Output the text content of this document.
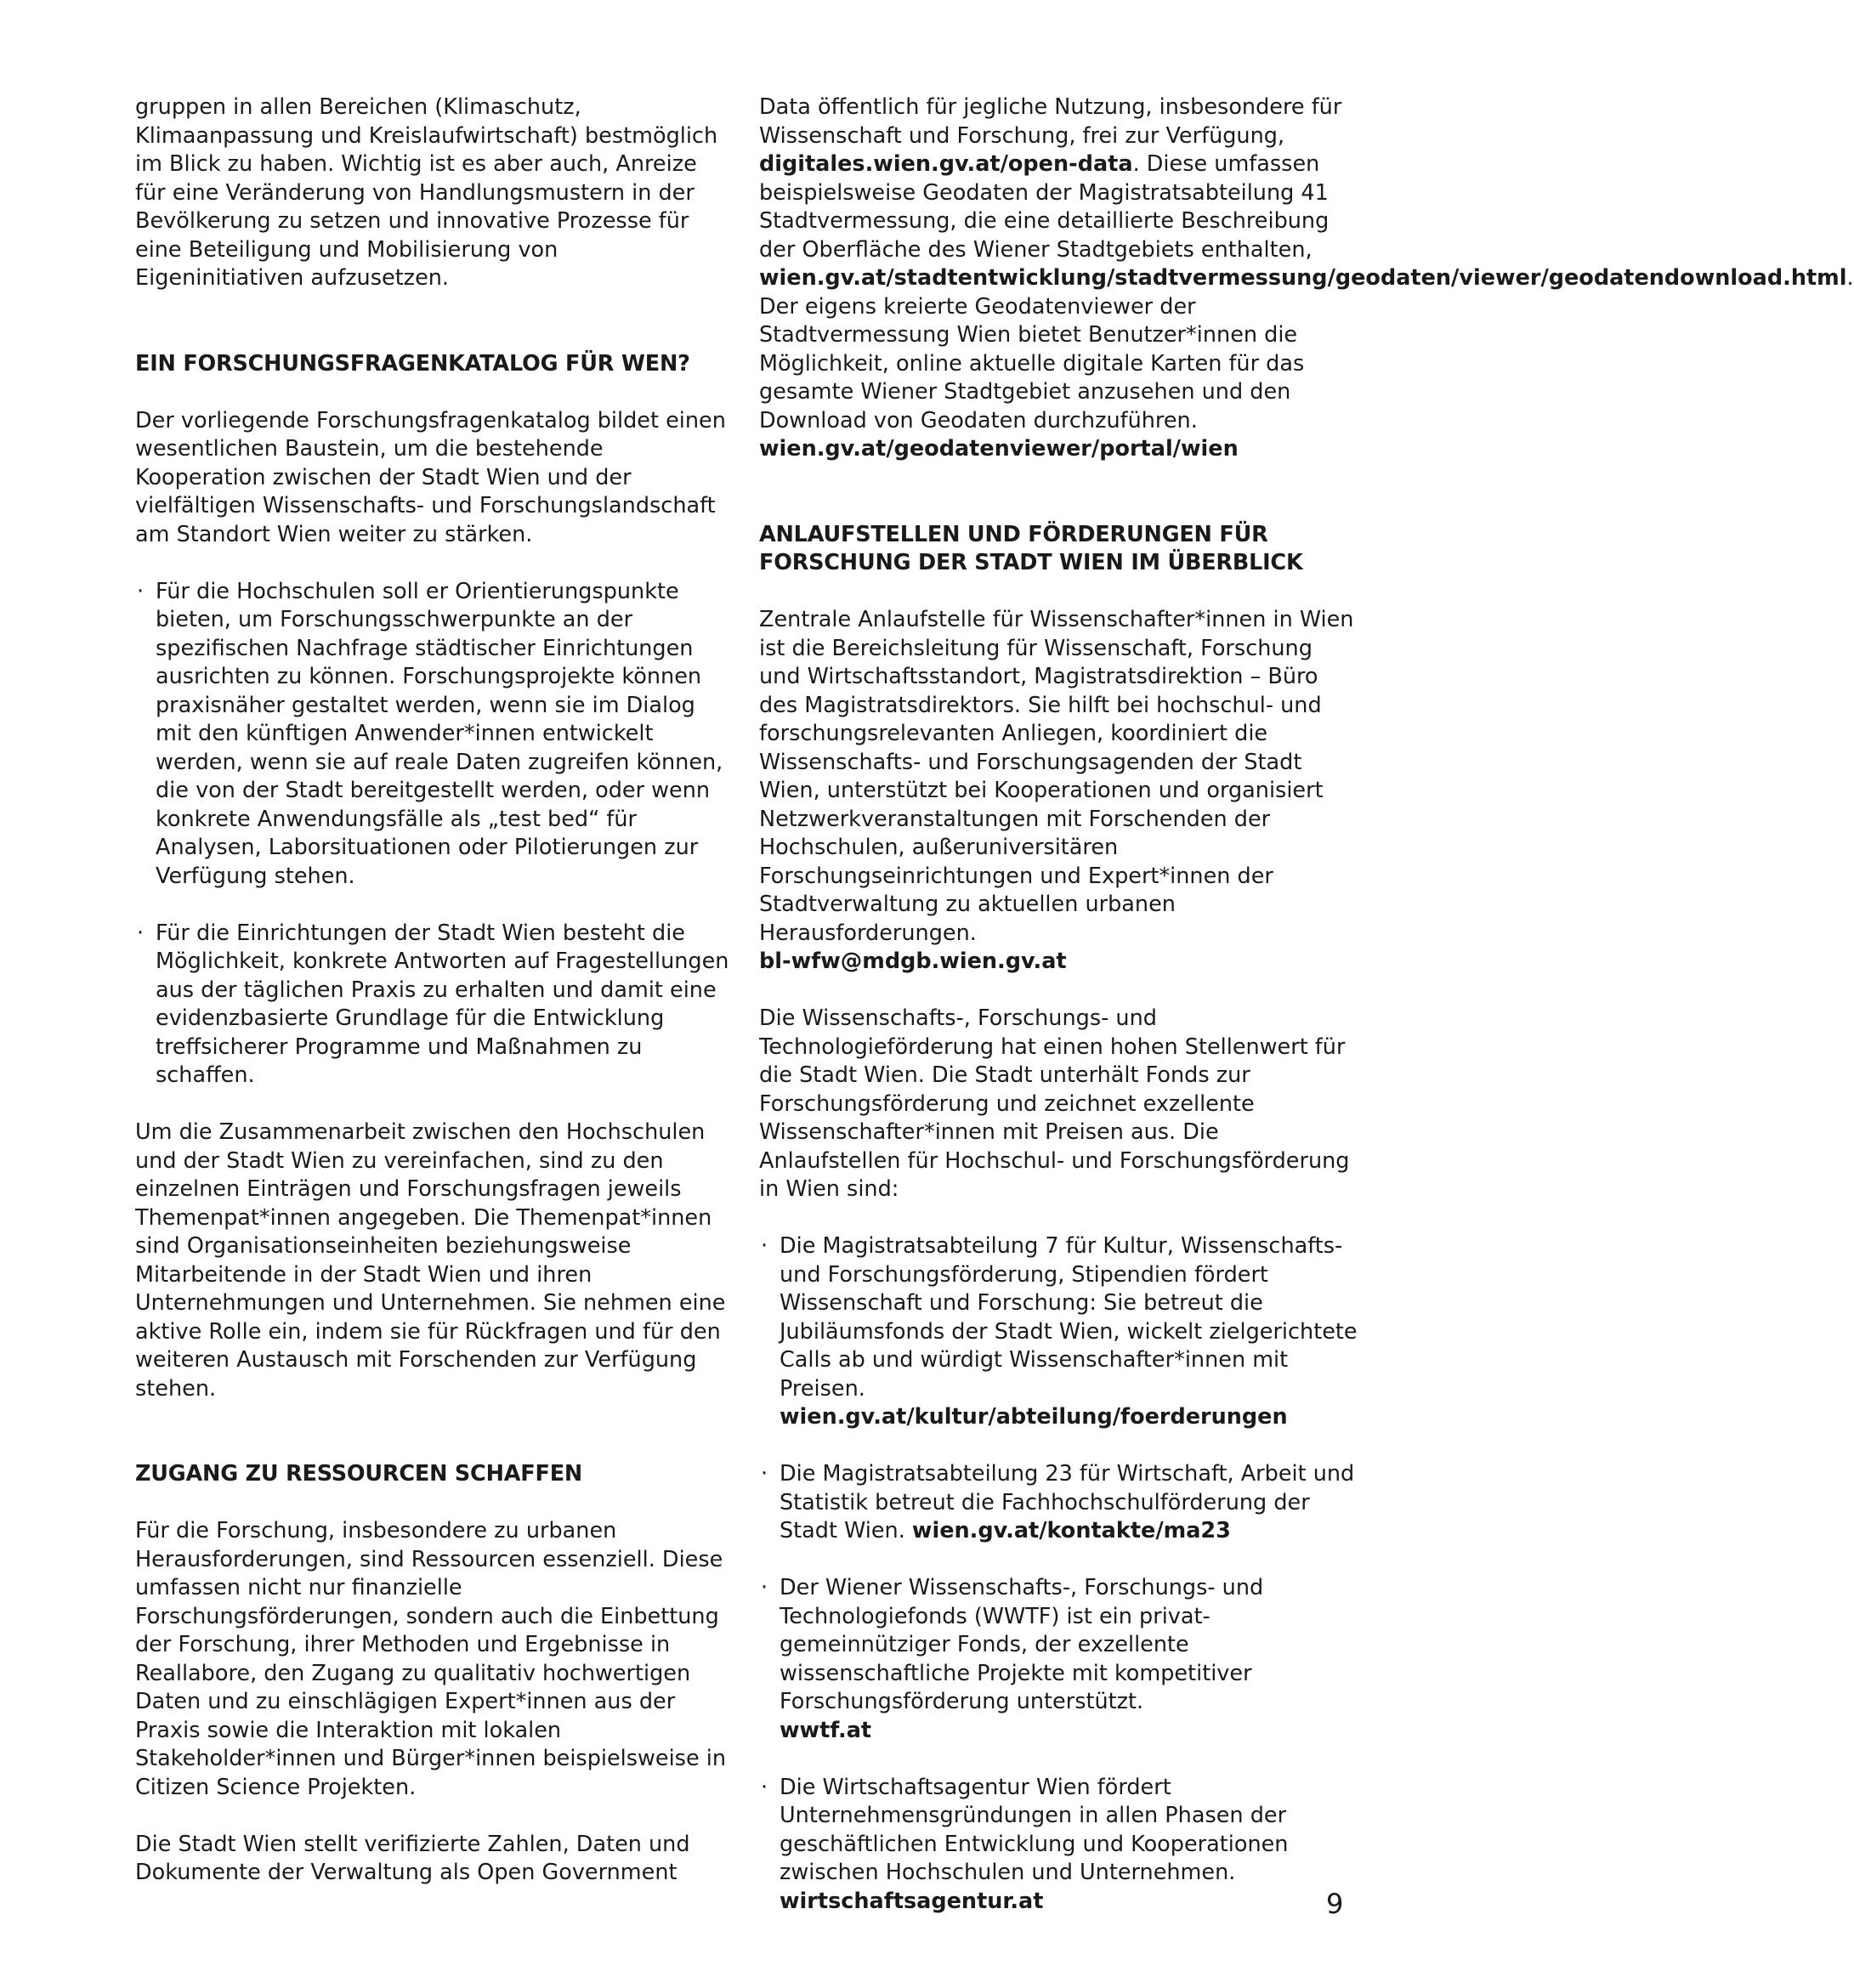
gruppen in allen Bereichen (Klimaschutz, Klimaanpassung und Kreislaufwirtschaft) bestmöglich im Blick zu haben. Wichtig ist es aber auch, Anreize für eine Veränderung von Handlungsmustern in der Bevölkerung zu setzen und innovative Prozesse für eine Beteiligung und Mobilisierung von Eigeninitiativen aufzusetzen.

EIN FORSCHUNGSFRAGENKATALOG FÜR WEN?

Der vorliegende Forschungsfragenkatalog bildet einen wesentlichen Baustein, um die bestehende Kooperation zwischen der Stadt Wien und der vielfältigen Wissenschafts- und Forschungslandschaft am Standort Wien weiter zu stärken.

· Für die Hochschulen soll er Orientierungspunkte bieten, um Forschungsschwerpunkte an der spezifischen Nachfrage städtischer Einrichtungen ausrichten zu können. Forschungsprojekte können praxisnäher gestaltet werden, wenn sie im Dialog mit den künftigen Anwender*innen entwickelt werden, wenn sie auf reale Daten zugreifen können, die von der Stadt bereitgestellt werden, oder wenn konkrete Anwendungsfälle als „test bed“ für Analysen, Laborsituationen oder Pilotierungen zur Verfügung stehen.
· Für die Einrichtungen der Stadt Wien besteht die Möglichkeit, konkrete Antworten auf Fragestellungen aus der täglichen Praxis zu erhalten und damit eine evidenzbasierte Grundlage für die Entwicklung treffsicherer Programme und Maßnahmen zu schaffen.

Um die Zusammenarbeit zwischen den Hochschulen und der Stadt Wien zu vereinfachen, sind zu den einzelnen Einträgen und Forschungsfragen jeweils Themenpat*innen angegeben. Die Themenpat*innen sind Organisationseinheiten beziehungsweise Mitarbeitende in der Stadt Wien und ihren Unternehmungen und Unternehmen. Sie nehmen eine aktive Rolle ein, indem sie für Rückfragen und für den weiteren Austausch mit Forschenden zur Verfügung stehen.

ZUGANG ZU RESSOURCEN SCHAFFEN

Für die Forschung, insbesondere zu urbanen Herausforderungen, sind Ressourcen essenziell. Diese umfassen nicht nur finanzielle Forschungsförderungen, sondern auch die Einbettung der Forschung, ihrer Methoden und Ergebnisse in Reallabore, den Zugang zu qualitativ hochwertigen Daten und zu einschlägigen Expert*innen aus der Praxis sowie die Interaktion mit lokalen Stakeholder*innen und Bürger*innen beispielsweise in Citizen Science Projekten.

Die Stadt Wien stellt verifizierte Zahlen, Daten und Dokumente der Verwaltung als Open Government

Data öffentlich für jegliche Nutzung, insbesondere für Wissenschaft und Forschung, frei zur Verfügung, digitales.wien.gv.at/open-data. Diese umfassen beispielsweise Geodaten der Magistratsabteilung 41 Stadtvermessung, die eine detaillierte Beschreibung der Oberfläche des Wiener Stadtgebiets enthalten, wien.gv.at/stadtentwicklung/stadtvermessung/geodaten/viewer/geodatendownload.html.
Der eigens kreierte Geodatenviewer der Stadtvermessung Wien bietet Benutzer*innen die Möglichkeit, online aktuelle digitale Karten für das gesamte Wiener Stadtgebiet anzusehen und den Download von Geodaten durchzuführen.
wien.gv.at/geodatenviewer/portal/wien

ANLAUFSTELLEN UND FÖRDERUNGEN FÜR FORSCHUNG DER STADT WIEN IM ÜBERBLICK

Zentrale Anlaufstelle für Wissenschafter*innen in Wien ist die Bereichsleitung für Wissenschaft, Forschung und Wirtschaftsstandort, Magistratsdirektion – Büro des Magistratsdirektors. Sie hilft bei hochschul- und forschungsrelevanten Anliegen, koordiniert die Wissenschafts- und Forschungsagenden der Stadt Wien, unterstützt bei Kooperationen und organisiert Netzwerkveranstaltungen mit Forschenden der Hochschulen, außeruniversitären Forschungseinrichtungen und Expert*innen der Stadtverwaltung zu aktuellen urbanen Herausforderungen.
bl-wfw@mdgb.wien.gv.at

Die Wissenschafts-, Forschungs- und Technologieförderung hat einen hohen Stellenwert für die Stadt Wien. Die Stadt unterhält Fonds zur Forschungsförderung und zeichnet exzellente Wissenschafter*innen mit Preisen aus. Die Anlaufstellen für Hochschul- und Forschungsförderung in Wien sind:

· Die Magistratsabteilung 7 für Kultur, Wissenschafts- und Forschungsförderung, Stipendien fördert Wissenschaft und Forschung: Sie betreut die Jubiläumsfonds der Stadt Wien, wickelt zielgerichtete Calls ab und würdigt Wissenschafter*innen mit Preisen.
wien.gv.at/kultur/abteilung/foerderungen
· Die Magistratsabteilung 23 für Wirtschaft, Arbeit und Statistik betreut die Fachhochschulförderung der Stadt Wien. wien.gv.at/kontakte/ma23
· Der Wiener Wissenschafts-, Forschungs- und Technologiefonds (WWTF) ist ein privat-gemeinnütziger Fonds, der exzellente wissenschaftliche Projekte mit kompetitiver Forschungsförderung unterstützt.
wwtf.at
· Die Wirtschaftsagentur Wien fördert Unternehmensgründungen in allen Phasen der geschäftlichen Entwicklung und Kooperationen zwischen Hochschulen und Unternehmen. wirtschaftsagentur.at	9
